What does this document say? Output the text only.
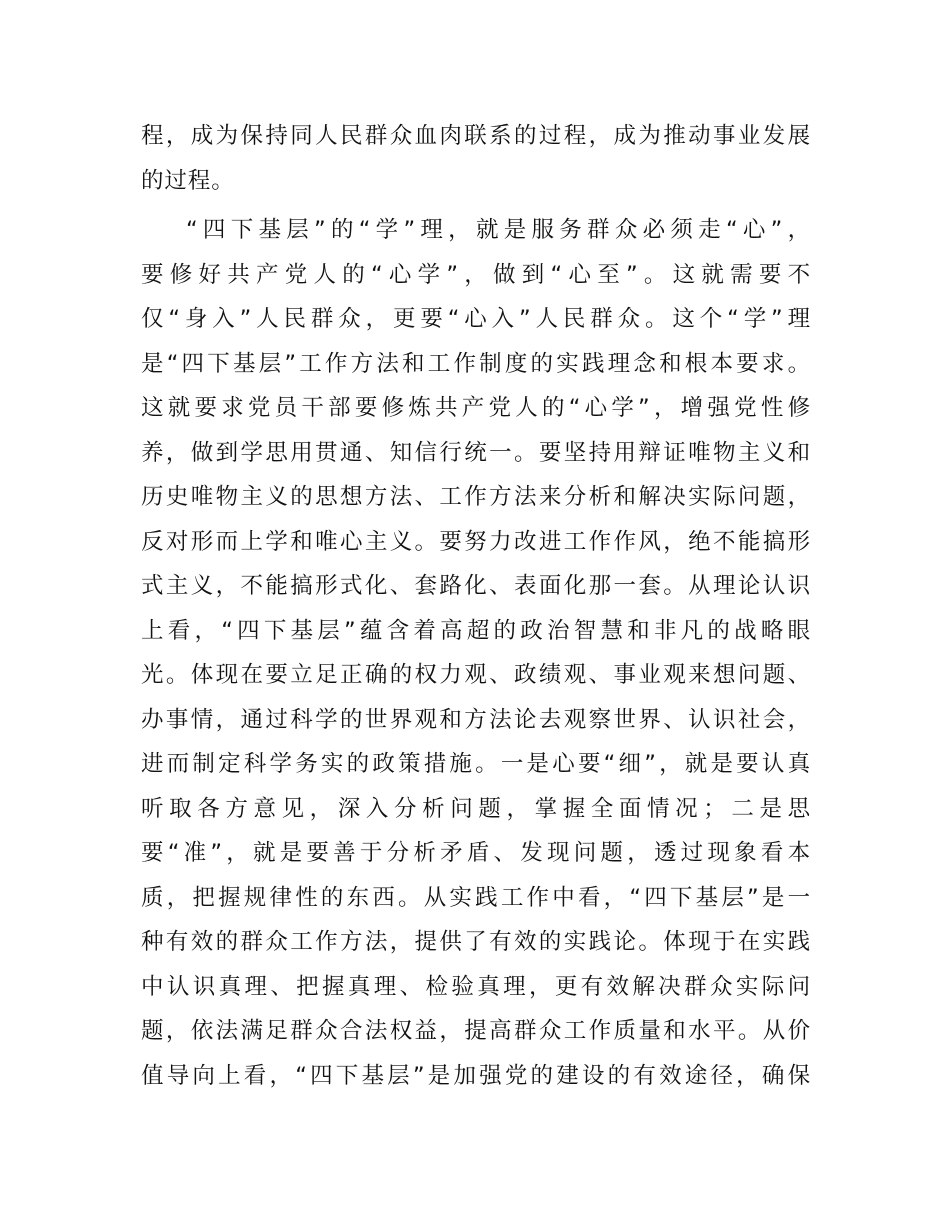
程，成为保持同人民群众血肉联系的过程，成为推动事业发展
的过程。
“四下基层”的“学”理，就是服务群众必须走“心”，
要修好共产党人的“心学”，做到“心至”。这就需要不
仅“身入”人民群众，更要“心入”人民群众。这个“学”理
是“四下基层”工作方法和工作制度的实践理念和根本要求。
这就要求党员干部要修炼共产党人的“心学”，增强党性修
养，做到学思用贯通、知信行统一。要坚持用辩证唯物主义和
历史唯物主义的思想方法、工作方法来分析和解决实际问题，
反对形而上学和唯心主义。要努力改进工作作风，绝不能搞形
式主义，不能搞形式化、套路化、表面化那一套。从理论认识
上看，“四下基层”蕴含着高超的政治智慧和非凡的战略眼
光。体现在要立足正确的权力观、政绩观、事业观来想问题、
办事情，通过科学的世界观和方法论去观察世界、认识社会，
进而制定科学务实的政策措施。一是心要“细”，就是要认真
听取各方意见，深入分析问题，掌握全面情况；二是思
要“准”，就是要善于分析矛盾、发现问题，透过现象看本
质，把握规律性的东西。从实践工作中看，“四下基层”是一
种有效的群众工作方法，提供了有效的实践论。体现于在实践
中认识真理、把握真理、检验真理，更有效解决群众实际问
题，依法满足群众合法权益，提高群众工作质量和水平。从价
值导向上看，“四下基层”是加强党的建设的有效途径，确保
